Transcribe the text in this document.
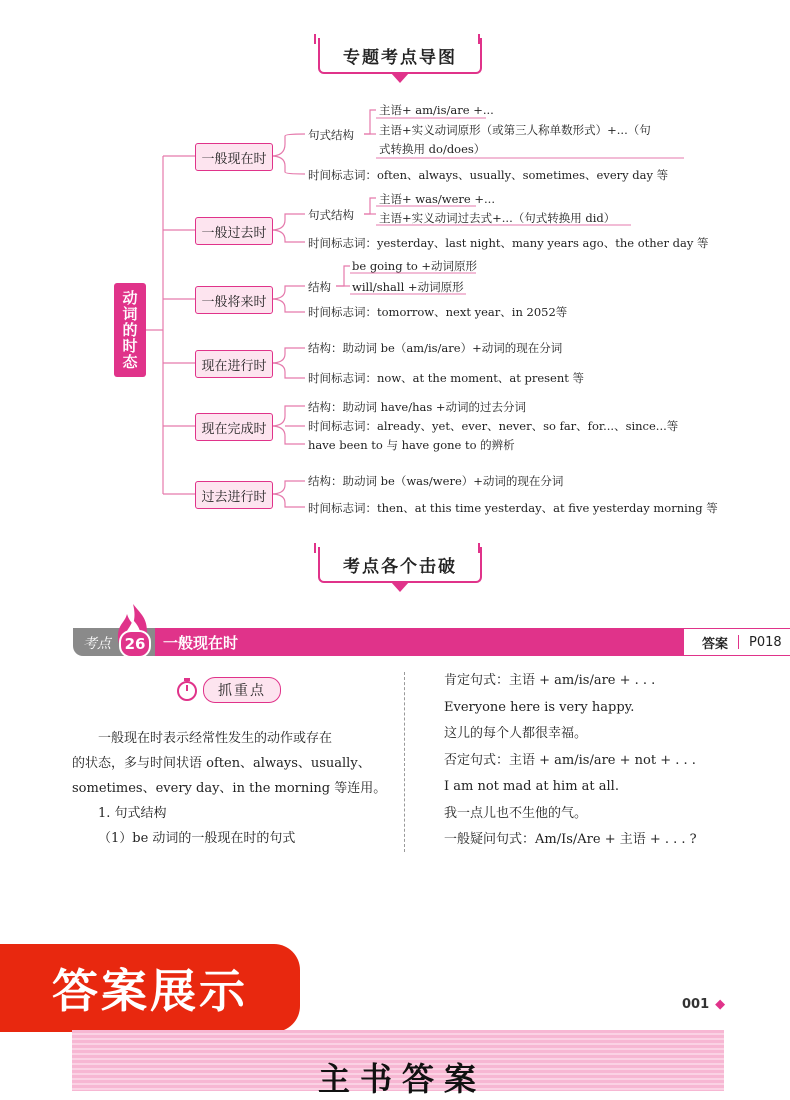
专题考点导图
动词的时态
一般现在时
一般过去时
一般将来时
现在进行时
现在完成时
过去进行时
句式结构
主语+ am/is/are +...
主语+实义动词原形（或第三人称单数形式）+...（句
式转换用 do/does）
时间标志词：often、always、usually、sometimes、every day 等
句式结构
主语+ was/were +...
主语+实义动词过去式+...（句式转换用 did）
时间标志词：yesterday、last night、many years ago、the other day 等
结构
be going to +动词原形
will/shall +动词原形
时间标志词：tomorrow、next year、in 2052等
结构：助动词 be（am/is/are）+动词的现在分词
时间标志词：now、at the moment、at present 等
结构：助动词 have/has +动词的过去分词
时间标志词：already、yet、ever、never、so far、for...、since...等
have been to 与 have gone to 的辨析
结构：助动词 be（was/were）+动词的现在分词
时间标志词：then、at this time yesterday、at five yesterday morning 等
考点各个击破
考点 26	一般现在时	答案 P018
抓重点
一般现在时表示经常性发生的动作或存在
的状态，多与时间状语 often、always、usually、
sometimes、every day、in the morning 等连用。
1. 句式结构
（1）be 动词的一般现在时的句式
肯定句式：主语 + am/is/are + . . .
Everyone here is very happy.
这儿的每个人都很幸福。
否定句式：主语 + am/is/are + not + . . .
I am not mad at him at all.
我一点儿也不生他的气。
一般疑问句式：Am/Is/Are + 主语 + . . . ?
答案展示	001 ◆
主书答案
